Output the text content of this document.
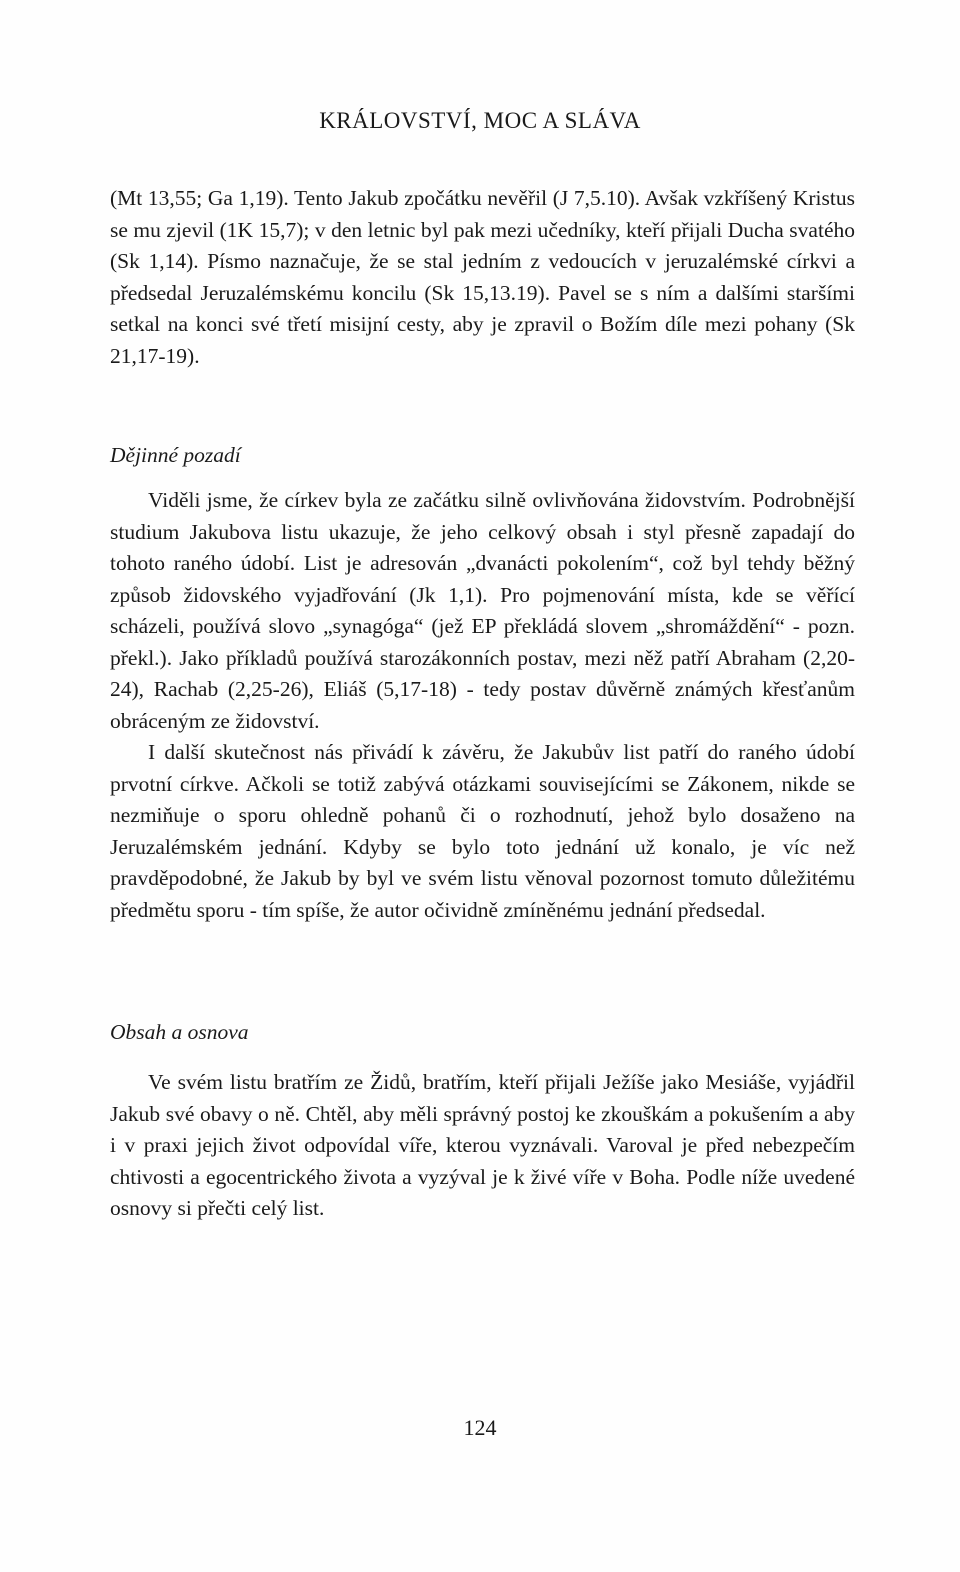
KRÁLOVSTVÍ, MOC A SLÁVA

(Mt 13,55; Ga 1,19). Tento Jakub zpočátku nevěřil (J 7,5.10). Avšak vzkříšený Kristus se mu zjevil (1K 15,7); v den letnic byl pak mezi učedníky, kteří přijali Ducha svatého (Sk 1,14). Písmo naznačuje, že se stal jedním z vedoucích v jeruzalémské církvi a předsedal Jeruzalémskému koncilu (Sk 15,13.19). Pavel se s ním a dalšími staršími setkal na konci své třetí misijní cesty, aby je zpravil o Božím díle mezi pohany (Sk 21,17-19).

Dějinné pozadí

Viděli jsme, že církev byla ze začátku silně ovlivňována židovstvím. Podrobnější studium Jakubova listu ukazuje, že jeho celkový obsah i styl přesně zapadají do tohoto raného údobí. List je adresován „dvanácti pokolením“, což byl tehdy běžný způsob židovského vyjadřování (Jk 1,1). Pro pojmenování místa, kde se věřící scházeli, používá slovo „synagóga“ (jež EP překládá slovem „shromáždění“ - pozn. překl.). Jako příkladů používá starozákonních postav, mezi něž patří Abraham (2,20-24), Rachab (2,25-26), Eliáš (5,17-18) - tedy postav důvěrně známých křesťanům obráceným ze židovství.

I další skutečnost nás přivádí k závěru, že Jakubův list patří do raného údobí prvotní církve. Ačkoli se totiž zabývá otázkami souvisejícími se Zákonem, nikde se nezmiňuje o sporu ohledně pohanů či o rozhodnutí, jehož bylo dosaženo na Jeruzalémském jednání. Kdyby se bylo toto jednání už konalo, je víc než pravděpodobné, že Jakub by byl ve svém listu věnoval pozornost tomuto důležitému předmětu sporu - tím spíše, že autor očividně zmíněnému jednání předsedal.

Obsah a osnova

Ve svém listu bratřím ze Židů, bratřím, kteří přijali Ježíše jako Mesiáše, vyjádřil Jakub své obavy o ně. Chtěl, aby měli správný postoj ke zkouškám a pokušením a aby i v praxi jejich život odpovídal víře, kterou vyznávali. Varoval je před nebezpečím chtivosti a egocentrického života a vyzýval je k živé víře v Boha. Podle níže uvedené osnovy si přečti celý list.

124
